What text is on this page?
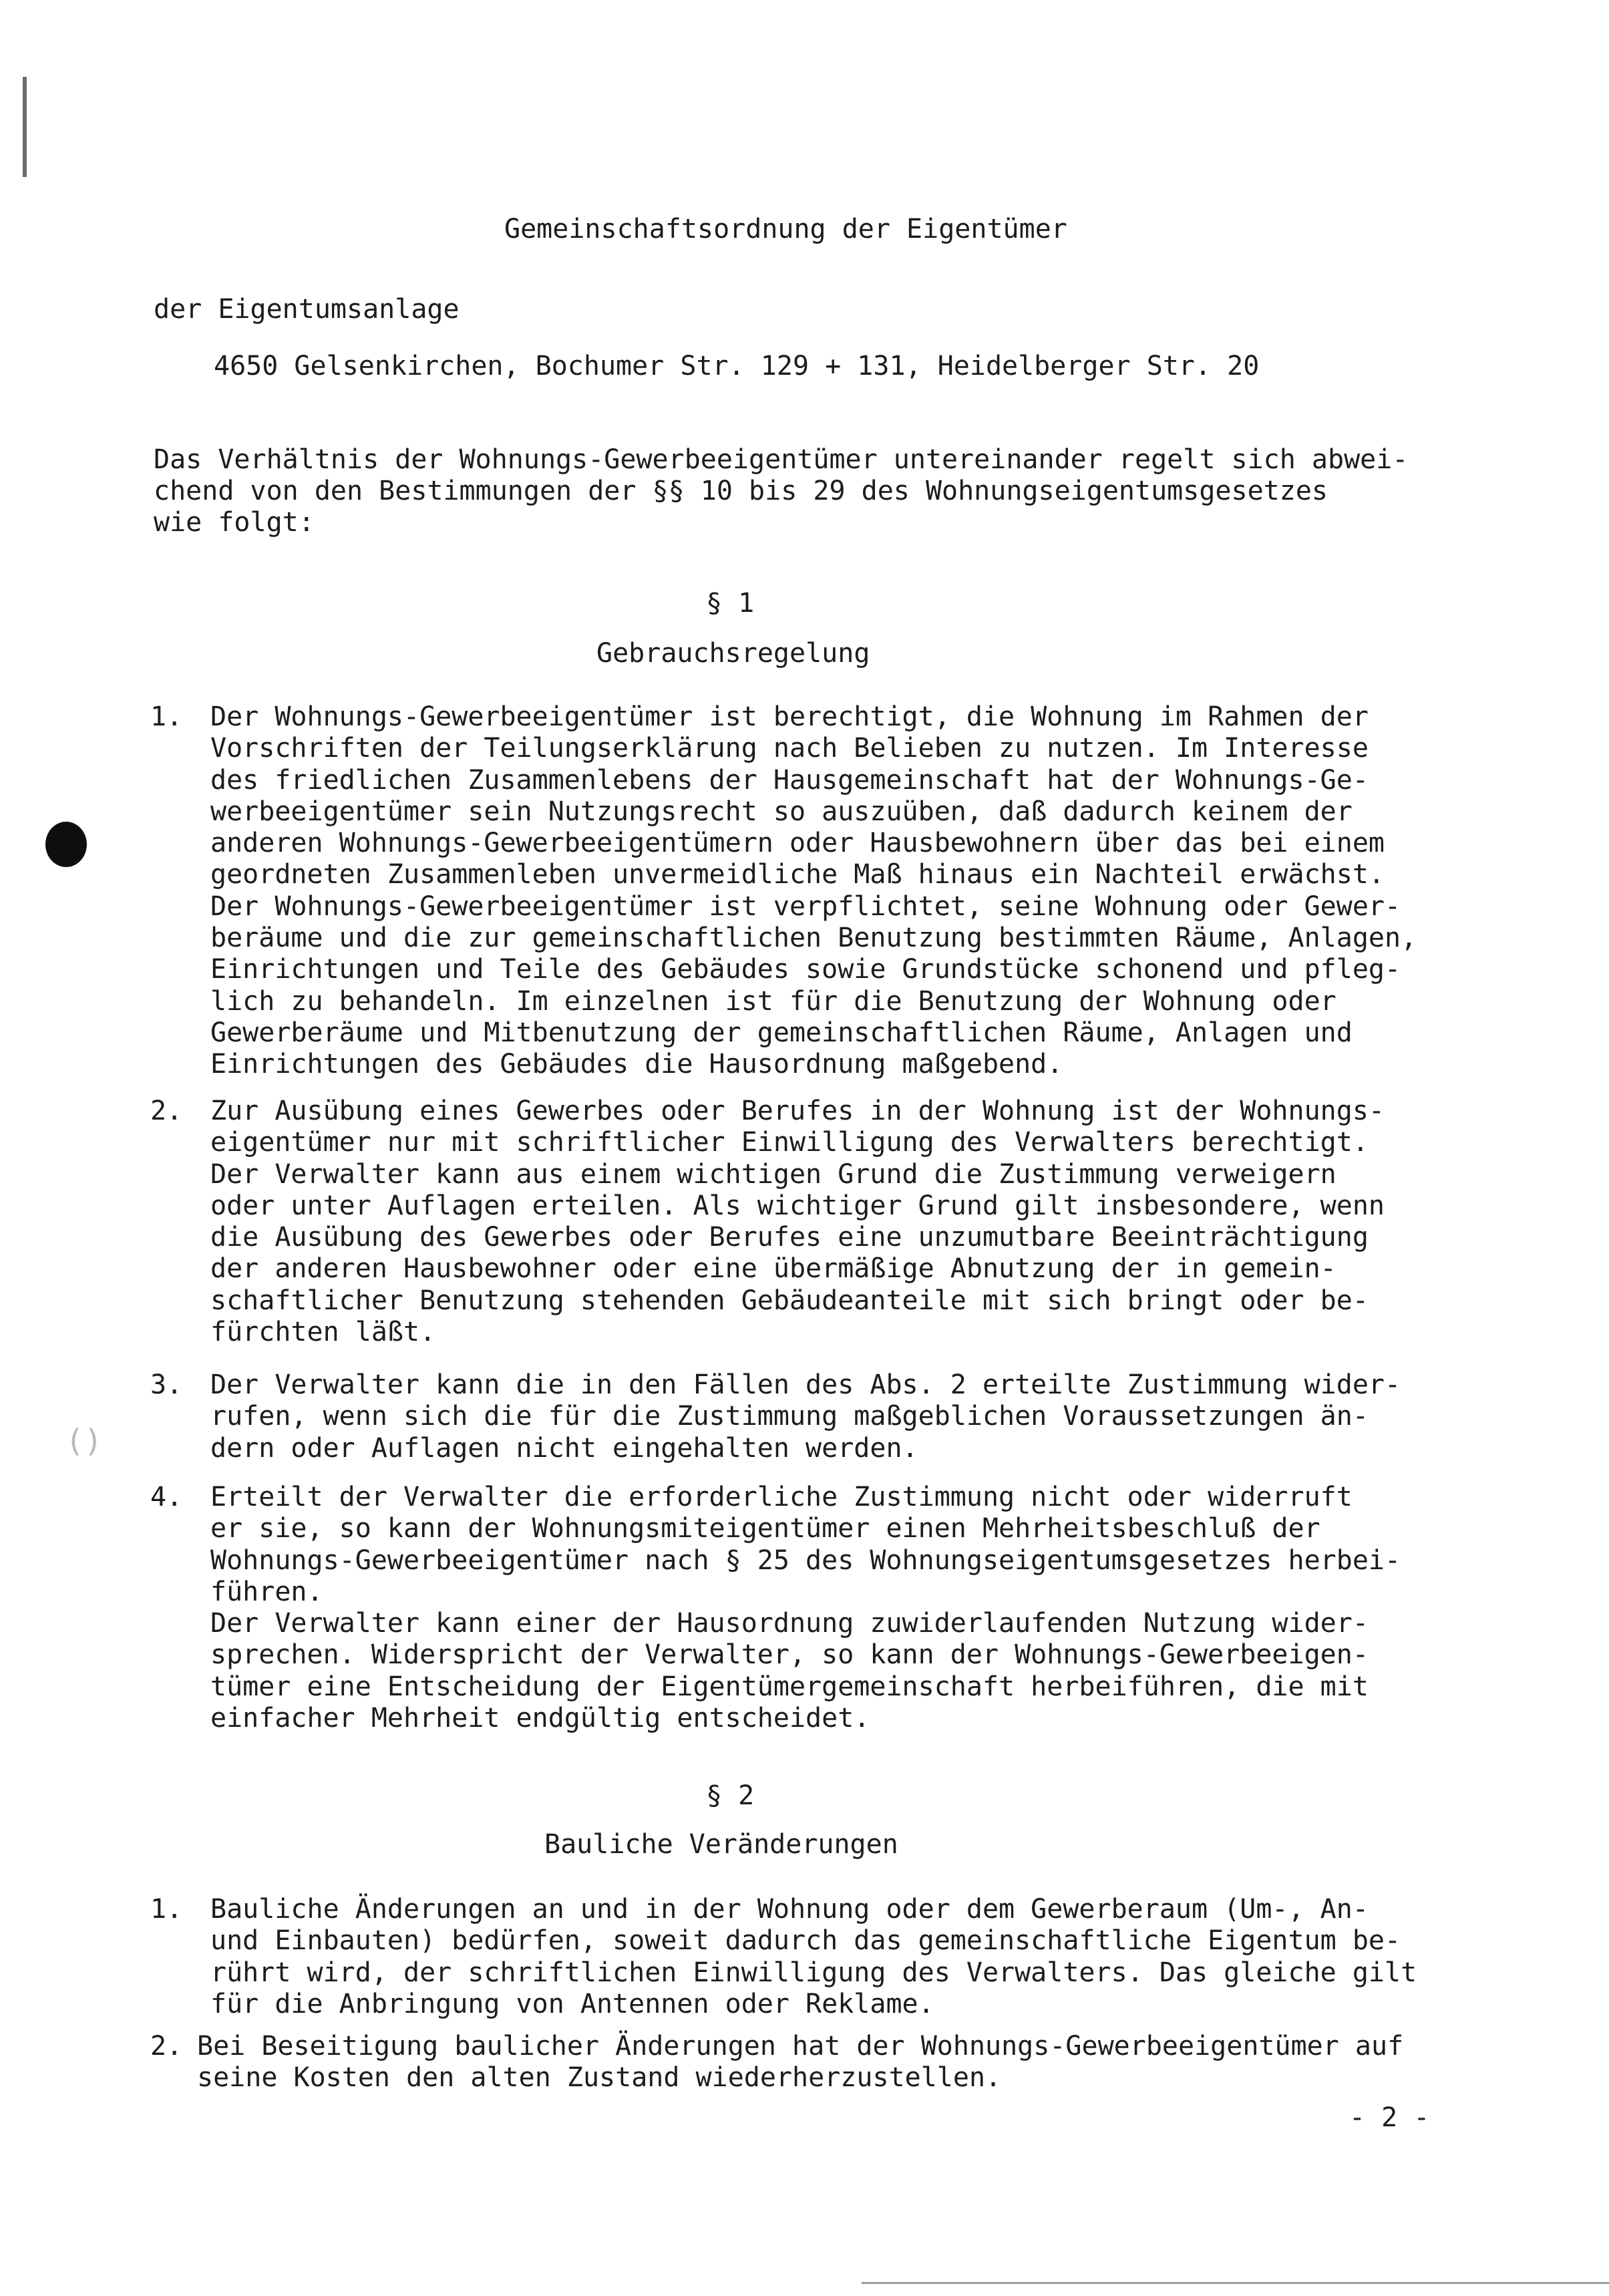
()
Gemeinschaftsordnung der Eigentümer
der Eigentumsanlage
4650 Gelsenkirchen, Bochumer Str. 129 + 131, Heidelberger Str. 20
Das Verhältnis der Wohnungs-Gewerbeeigentümer untereinander regelt sich abwei-
chend von den Bestimmungen der §§ 10 bis 29 des Wohnungseigentumsgesetzes
wie folgt:
§ 1
Gebrauchsregelung
1. Der Wohnungs-Gewerbeeigentümer ist berechtigt, die Wohnung im Rahmen der
Vorschriften der Teilungserklärung nach Belieben zu nutzen. Im Interesse
des friedlichen Zusammenlebens der Hausgemeinschaft hat der Wohnungs-Ge-
werbeeigentümer sein Nutzungsrecht so auszuüben, daß dadurch keinem der
anderen Wohnungs-Gewerbeeigentümern oder Hausbewohnern über das bei einem
geordneten Zusammenleben unvermeidliche Maß hinaus ein Nachteil erwächst.
Der Wohnungs-Gewerbeeigentümer ist verpflichtet, seine Wohnung oder Gewer-
beräume und die zur gemeinschaftlichen Benutzung bestimmten Räume, Anlagen,
Einrichtungen und Teile des Gebäudes sowie Grundstücke schonend und pfleg-
lich zu behandeln. Im einzelnen ist für die Benutzung der Wohnung oder
Gewerberäume und Mitbenutzung der gemeinschaftlichen Räume, Anlagen und
Einrichtungen des Gebäudes die Hausordnung maßgebend.
2. Zur Ausübung eines Gewerbes oder Berufes in der Wohnung ist der Wohnungs-
eigentümer nur mit schriftlicher Einwilligung des Verwalters berechtigt.
Der Verwalter kann aus einem wichtigen Grund die Zustimmung verweigern
oder unter Auflagen erteilen. Als wichtiger Grund gilt insbesondere, wenn
die Ausübung des Gewerbes oder Berufes eine unzumutbare Beeinträchtigung
der anderen Hausbewohner oder eine übermäßige Abnutzung der in gemein-
schaftlicher Benutzung stehenden Gebäudeanteile mit sich bringt oder be-
fürchten läßt.
3. Der Verwalter kann die in den Fällen des Abs. 2 erteilte Zustimmung wider-
rufen, wenn sich die für die Zustimmung maßgeblichen Voraussetzungen än-
dern oder Auflagen nicht eingehalten werden.
4. Erteilt der Verwalter die erforderliche Zustimmung nicht oder widerruft
er sie, so kann der Wohnungsmiteigentümer einen Mehrheitsbeschluß der
Wohnungs-Gewerbeeigentümer nach § 25 des Wohnungseigentumsgesetzes herbei-
führen.
Der Verwalter kann einer der Hausordnung zuwiderlaufenden Nutzung wider-
sprechen. Widerspricht der Verwalter, so kann der Wohnungs-Gewerbeeigen-
tümer eine Entscheidung der Eigentümergemeinschaft herbeiführen, die mit
einfacher Mehrheit endgültig entscheidet.
§ 2
Bauliche Veränderungen
1. Bauliche Änderungen an und in der Wohnung oder dem Gewerberaum (Um-, An-
und Einbauten) bedürfen, soweit dadurch das gemeinschaftliche Eigentum be-
rührt wird, der schriftlichen Einwilligung des Verwalters. Das gleiche gilt
für die Anbringung von Antennen oder Reklame.
2. Bei Beseitigung baulicher Änderungen hat der Wohnungs-Gewerbeeigentümer auf
seine Kosten den alten Zustand wiederherzustellen.
- 2 -
